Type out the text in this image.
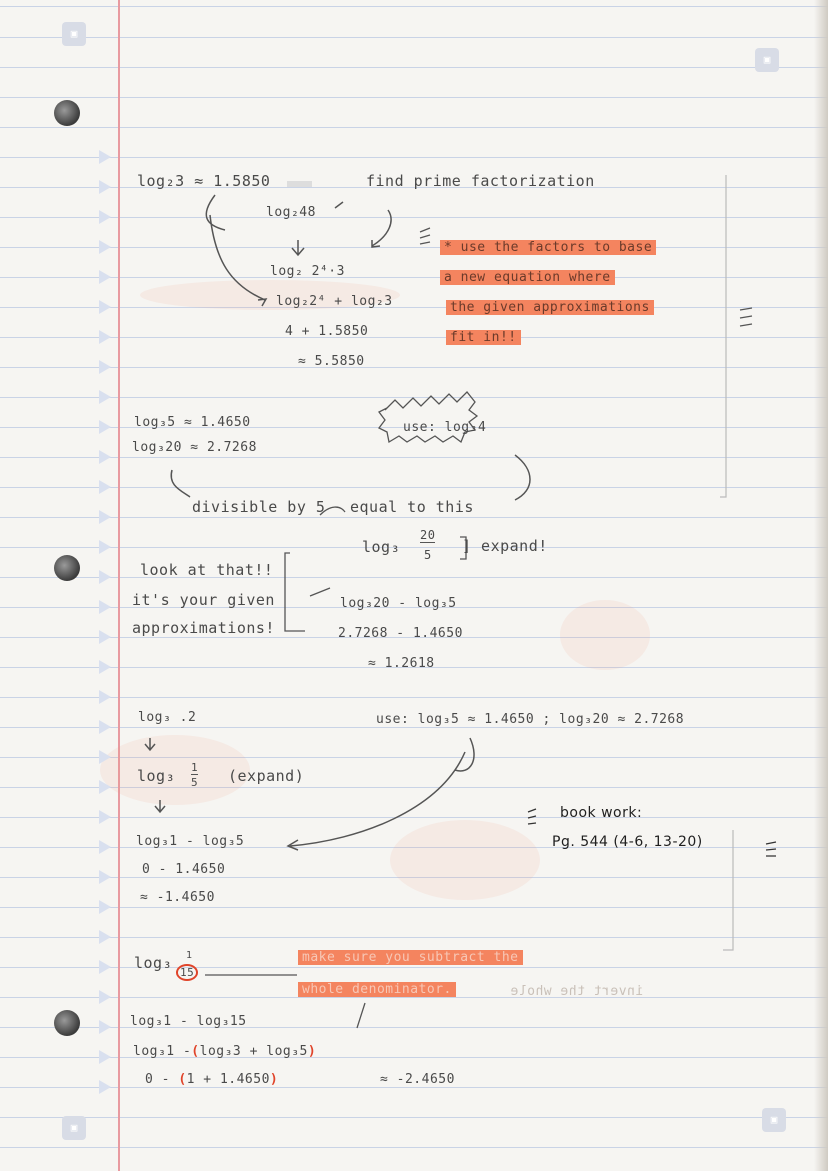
▣
▣
▣
▣
log₂3 ≈ 1.5850	find prime factorization
log₂48
log₂ 2⁴·3
log₂2⁴ + log₂3
4 + 1.5850
≈ 5.5850
* use the factors to base
a new equation where
the given approximations
fit in!!
log₃5 ≈ 1.4650
log₃20 ≈ 2.7268
use: log₃4
divisible by 5 equal to this
log₃
20
5 ] expand!
look at that!!
it's your given
approximations!
log₃20 - log₃5
2.7268 - 1.4650
≈ 1.2618
log₃ .2	use: log₃5 ≈ 1.4650 ; log₃20 ≈ 2.7268
log₃ 1
5 (expand)
log₃1 - log₃5
0 - 1.4650
≈ -1.4650
book work:
Pg. 544 (4-6, 13-20)
log₃ 1
15
make sure you subtract the
whole denominator.	invert the whole
log₃1 - log₃15
log₃1 -(log₃3 + log₃5)
0 - (1 + 1.4650)	≈ -2.4650
